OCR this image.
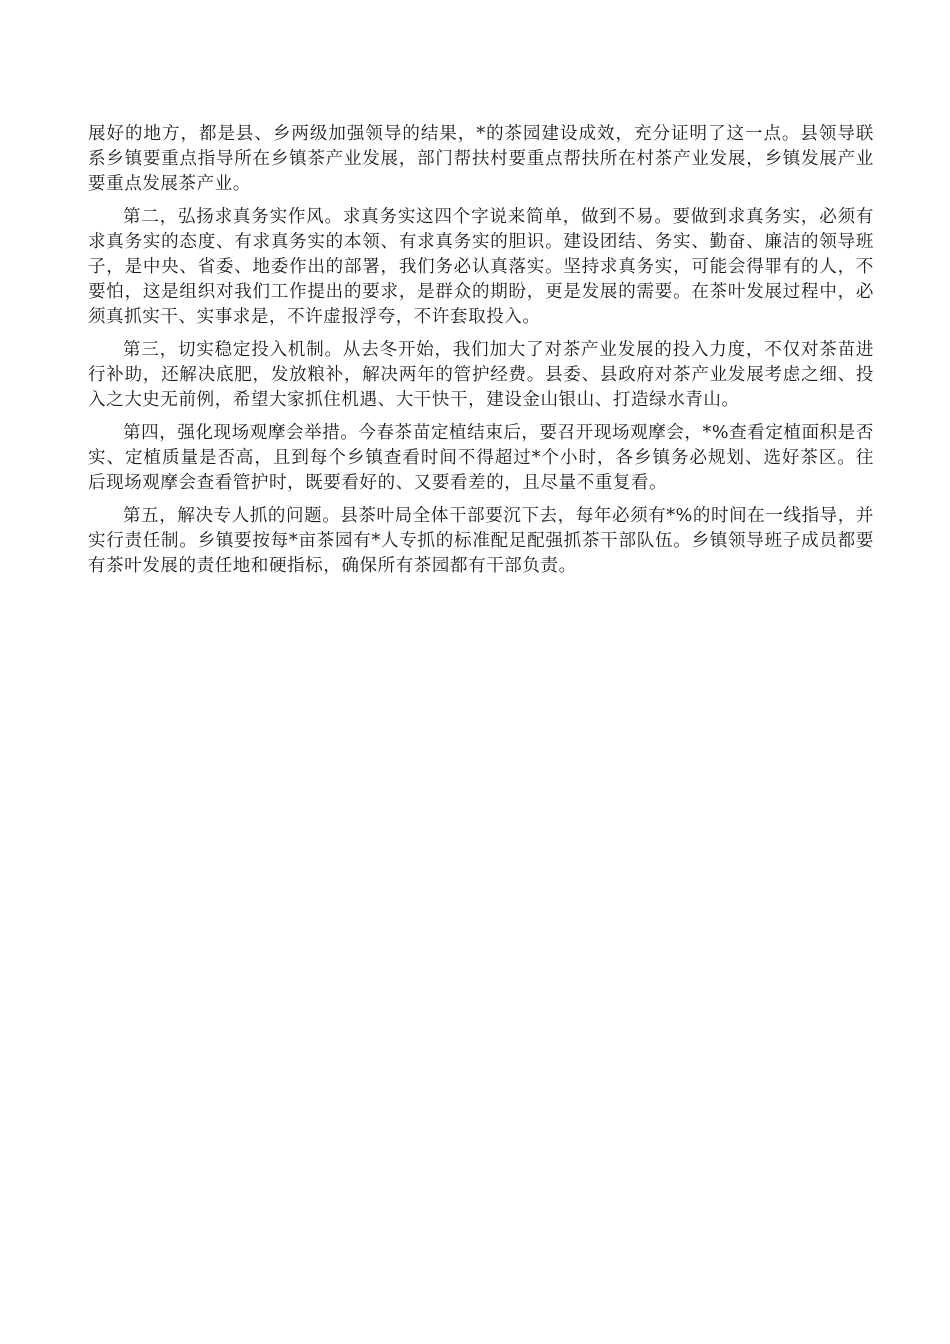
展好的地方，都是县、乡两级加强领导的结果，*的茶园建设成效，充分证明了这一点。县领导联系乡镇要重点指导所在乡镇茶产业发展，部门帮扶村要重点帮扶所在村茶产业发展，乡镇发展产业要重点发展茶产业。

第二，弘扬求真务实作风。求真务实这四个字说来简单，做到不易。要做到求真务实，必须有求真务实的态度、有求真务实的本领、有求真务实的胆识。建设团结、务实、勤奋、廉洁的领导班子，是中央、省委、地委作出的部署，我们务必认真落实。坚持求真务实，可能会得罪有的人，不要怕，这是组织对我们工作提出的要求，是群众的期盼，更是发展的需要。在茶叶发展过程中，必须真抓实干、实事求是，不许虚报浮夸，不许套取投入。

第三，切实稳定投入机制。从去冬开始，我们加大了对茶产业发展的投入力度，不仅对茶苗进行补助，还解决底肥，发放粮补，解决两年的管护经费。县委、县政府对茶产业发展考虑之细、投入之大史无前例，希望大家抓住机遇、大干快干，建设金山银山、打造绿水青山。

第四，强化现场观摩会举措。今春茶苗定植结束后，要召开现场观摩会，*%查看定植面积是否实、定植质量是否高，且到每个乡镇查看时间不得超过*个小时，各乡镇务必规划、选好茶区。往后现场观摩会查看管护时，既要看好的、又要看差的，且尽量不重复看。

第五，解决专人抓的问题。县茶叶局全体干部要沉下去，每年必须有*%的时间在一线指导，并实行责任制。乡镇要按每*亩茶园有*人专抓的标准配足配强抓茶干部队伍。乡镇领导班子成员都要有茶叶发展的责任地和硬指标，确保所有茶园都有干部负责。
